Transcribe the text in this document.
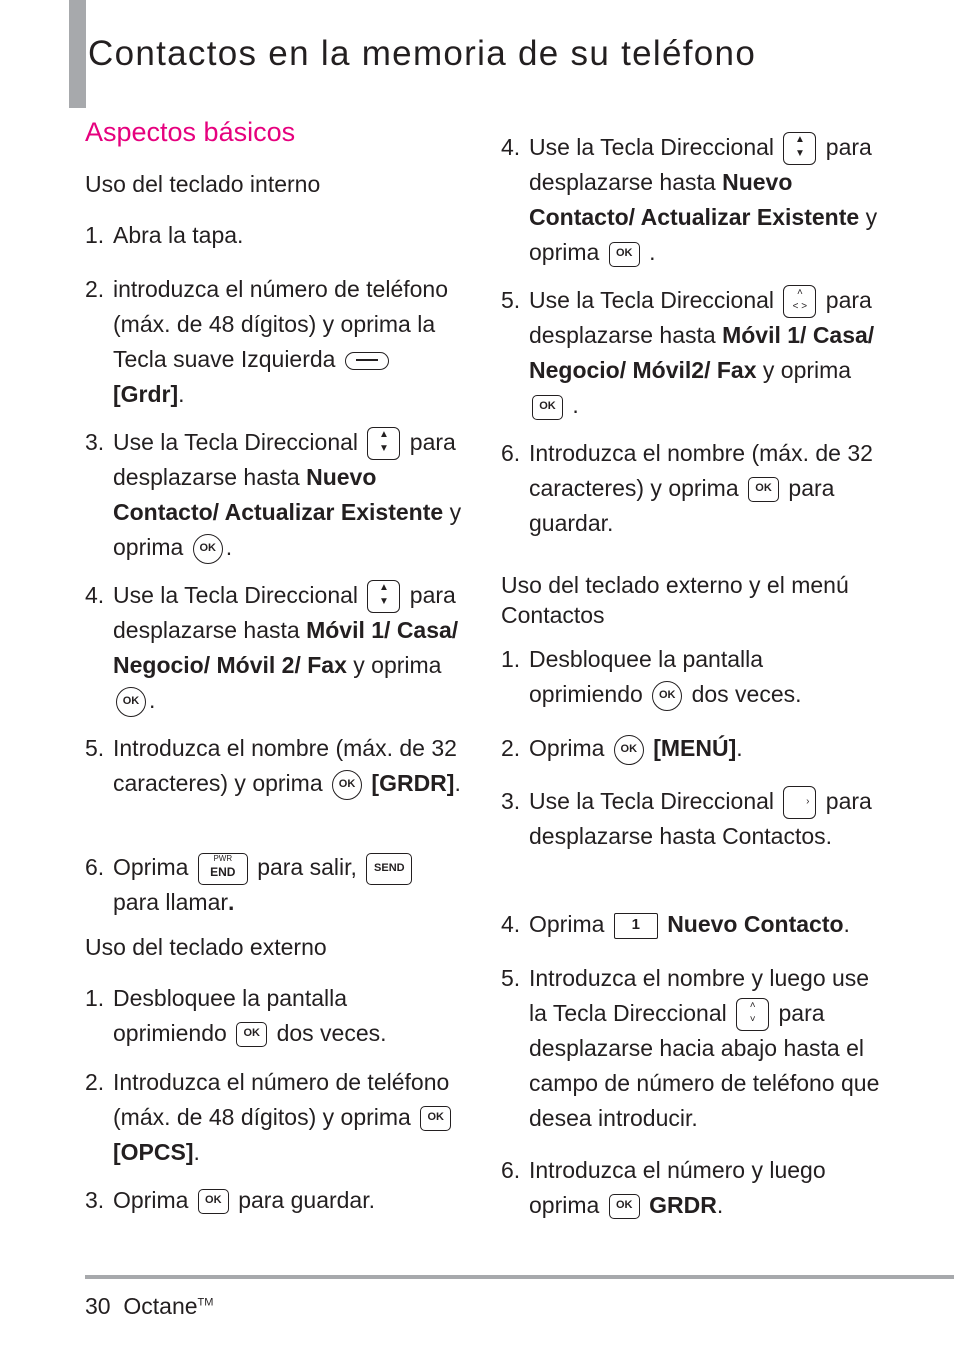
Contactos en la memoria de su teléfono
Aspectos básicos
Uso del teclado interno
1. Abra la tapa.
2. introduzca el número de teléfono (máx. de 48 dígitos) y oprima la Tecla suave Izquierda  [Grdr].
3. Use la Tecla Direccional ▲
▼ para desplazarse hasta Nuevo Contacto/ Actualizar Existente y oprima OK .
4. Use la Tecla Direccional ▲
▼ para desplazarse hasta Móvil 1/ Casa/ Negocio/ Móvil 2/ Fax y oprima OK .
5. Introduzca el nombre (máx. de 32 caracteres) y oprima OK [GRDR].
6. Oprima	PWR
END para salir, SEND para llamar.
Uso del teclado externo
1. Desbloquee la pantalla oprimiendo OK dos veces.
2. Introduzca el número de teléfono (máx. de 48 dígitos) y oprima OK [OPCS].
3. Oprima OK para guardar.
4. Use la Tecla Direccional ▲
▼ para desplazarse hasta Nuevo Contacto/ Actualizar Existente y oprima OK .
5. Use la Tecla Direccional ˄
˂ ˃ para desplazarse hasta Móvil 1/ Casa/ Negocio/ Móvil2/ Fax y oprima OK .
6. Introduzca el nombre (máx. de 32 caracteres) y oprima OK para guardar.
Uso del teclado externo y el menú Contactos
1. Desbloquee la pantalla oprimiendo OK dos veces.
2. Oprima OK [MENÚ].
3. Use la Tecla Direccional	› para desplazarse hasta Contactos.
4. Oprima 1 Nuevo Contacto.
5. Introduzca el nombre y luego use la Tecla Direccional ˄
˅ para desplazarse hacia abajo hasta el campo de número de teléfono que desea introducir.
6. Introduzca el número y luego oprima OK GRDR.
30 Octane™
